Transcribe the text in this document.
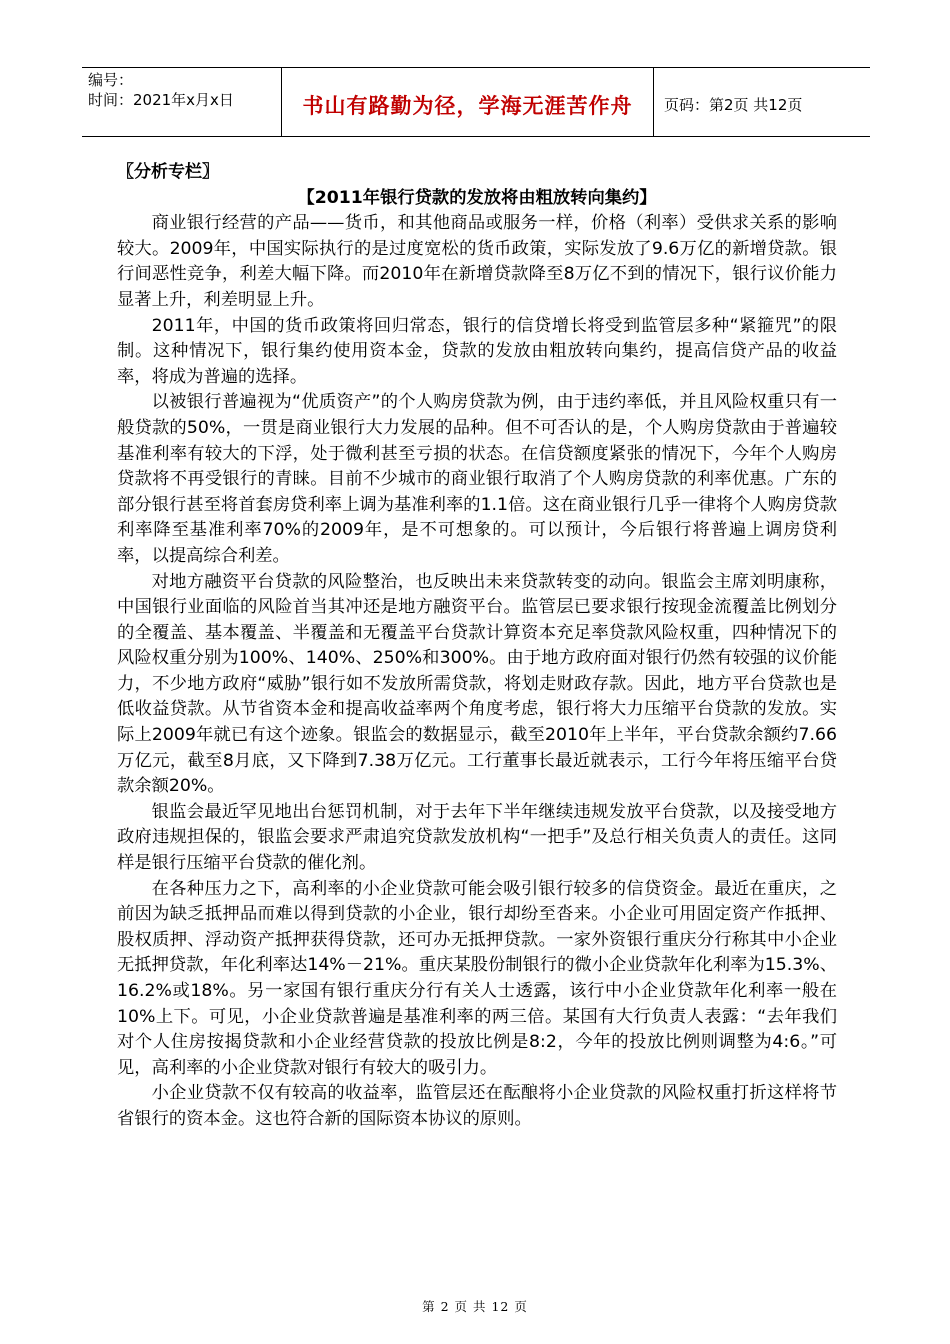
编号：
时间：2021年x月x日	书山有路勤为径，学海无涯苦作舟	页码：第2页 共12页
〖分析专栏〗
【2011年银行贷款的发放将由粗放转向集约】

商业银行经营的产品——货币，和其他商品或服务一样，价格（利率）受供求关系的影响较大。2009年，中国实际执行的是过度宽松的货币政策，实际发放了9.6万亿的新增贷款。银行间恶性竞争，利差大幅下降。而2010年在新增贷款降至8万亿不到的情况下，银行议价能力显著上升，利差明显上升。

2011年，中国的货币政策将回归常态，银行的信贷增长将受到监管层多种“紧箍咒”的限制。这种情况下，银行集约使用资本金，贷款的发放由粗放转向集约，提高信贷产品的收益率，将成为普遍的选择。

以被银行普遍视为“优质资产”的个人购房贷款为例，由于违约率低，并且风险权重只有一般贷款的50%，一贯是商业银行大力发展的品种。但不可否认的是，个人购房贷款由于普遍较基准利率有较大的下浮，处于微利甚至亏损的状态。在信贷额度紧张的情况下，今年个人购房贷款将不再受银行的青睐。目前不少城市的商业银行取消了个人购房贷款的利率优惠。广东的部分银行甚至将首套房贷利率上调为基准利率的1.1倍。这在商业银行几乎一律将个人购房贷款利率降至基准利率70%的2009年，是不可想象的。可以预计，今后银行将普遍上调房贷利率，以提高综合利差。

对地方融资平台贷款的风险整治，也反映出未来贷款转变的动向。银监会主席刘明康称，中国银行业面临的风险首当其冲还是地方融资平台。监管层已要求银行按现金流覆盖比例划分的全覆盖、基本覆盖、半覆盖和无覆盖平台贷款计算资本充足率贷款风险权重，四种情况下的风险权重分别为100%、140%、250%和300%。由于地方政府面对银行仍然有较强的议价能力，不少地方政府“威胁”银行如不发放所需贷款，将划走财政存款。因此，地方平台贷款也是低收益贷款。从节省资本金和提高收益率两个角度考虑，银行将大力压缩平台贷款的发放。实际上2009年就已有这个迹象。银监会的数据显示，截至2010年上半年，平台贷款余额约7.66万亿元，截至8月底，又下降到7.38万亿元。工行董事长最近就表示，工行今年将压缩平台贷款余额20%。

银监会最近罕见地出台惩罚机制，对于去年下半年继续违规发放平台贷款，以及接受地方政府违规担保的，银监会要求严肃追究贷款发放机构“一把手”及总行相关负责人的责任。这同样是银行压缩平台贷款的催化剂。

在各种压力之下，高利率的小企业贷款可能会吸引银行较多的信贷资金。最近在重庆，之前因为缺乏抵押品而难以得到贷款的小企业，银行却纷至沓来。小企业可用固定资产作抵押、股权质押、浮动资产抵押获得贷款，还可办无抵押贷款。一家外资银行重庆分行称其中小企业无抵押贷款，年化利率达14%－21%。重庆某股份制银行的微小企业贷款年化利率为15.3%、16.2%或18%。另一家国有银行重庆分行有关人士透露，该行中小企业贷款年化利率一般在10%上下。可见，小企业贷款普遍是基准利率的两三倍。某国有大行负责人表露：“去年我们对个人住房按揭贷款和小企业经营贷款的投放比例是8:2，今年的投放比例则调整为4:6。”可见，高利率的小企业贷款对银行有较大的吸引力。

小企业贷款不仅有较高的收益率，监管层还在酝酿将小企业贷款的风险权重打折这样将节省银行的资本金。这也符合新的国际资本协议的原则。

第 2 页 共 12 页
